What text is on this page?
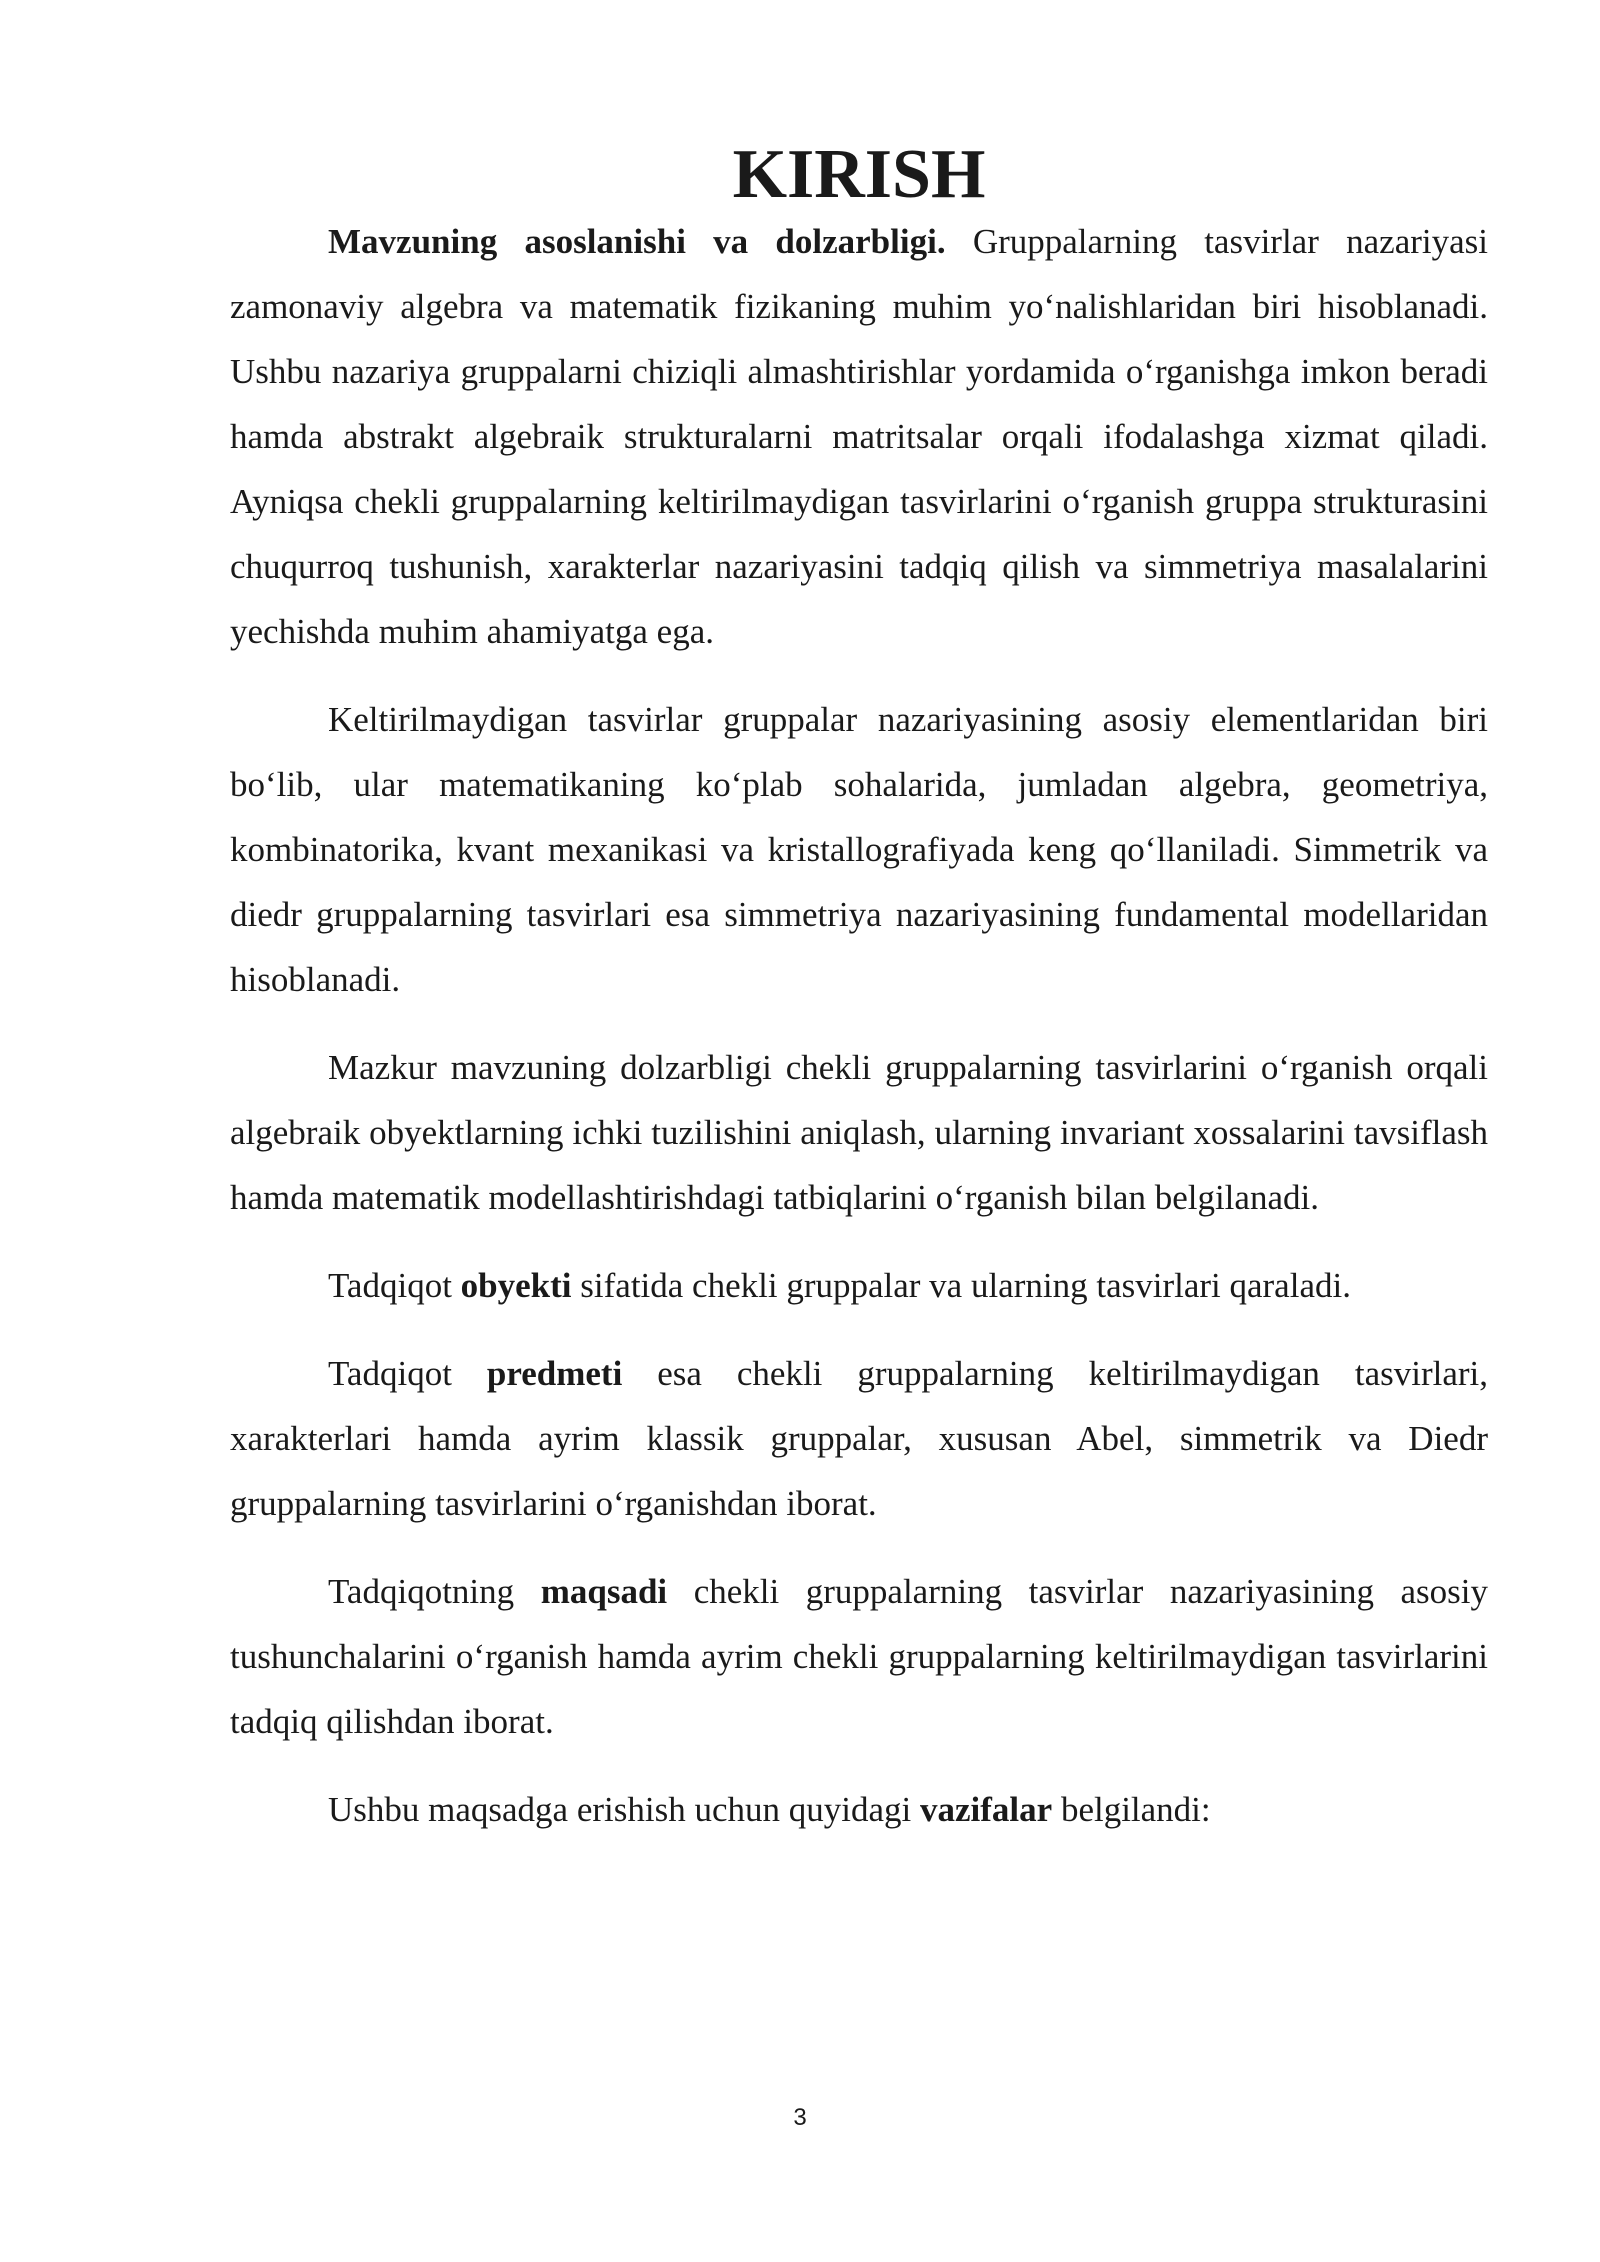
KIRISH

Mavzuning asoslanishi va dolzarbligi. Gruppalarning tasvirlar nazariyasi zamonaviy algebra va matematik fizikaning muhim yo‘nalishlaridan biri hisoblanadi. Ushbu nazariya gruppalarni chiziqli almashtirishlar yordamida o‘rganishga imkon beradi hamda abstrakt algebraik strukturalarni matritsalar orqali ifodalashga xizmat qiladi. Ayniqsa chekli gruppalarning keltirilmaydigan tasvirlarini o‘rganish gruppa strukturasini chuqurroq tushunish, xarakterlar nazariyasini tadqiq qilish va simmetriya masalalarini yechishda muhim ahamiyatga ega.

Keltirilmaydigan tasvirlar gruppalar nazariyasining asosiy elementlaridan biri bo‘lib, ular matematikaning ko‘plab sohalarida, jumladan algebra, geometriya, kombinatorika, kvant mexanikasi va kristallografiyada keng qo‘llaniladi. Simmetrik va diedr gruppalarning tasvirlari esa simmetriya nazariyasining fundamental modellaridan hisoblanadi.

Mazkur mavzuning dolzarbligi chekli gruppalarning tasvirlarini o‘rganish orqali algebraik obyektlarning ichki tuzilishini aniqlash, ularning invariant xossalarini tavsiflash hamda matematik modellashtirishdagi tatbiqlarini o‘rganish bilan belgilanadi.

Tadqiqot obyekti sifatida chekli gruppalar va ularning tasvirlari qaraladi.

Tadqiqot predmeti esa chekli gruppalarning keltirilmaydigan tasvirlari, xarakterlari hamda ayrim klassik gruppalar, xususan Abel, simmetrik va Diedr gruppalarning tasvirlarini o‘rganishdan iborat.

Tadqiqotning maqsadi chekli gruppalarning tasvirlar nazariyasining asosiy tushunchalarini o‘rganish hamda ayrim chekli gruppalarning keltirilmaydigan tasvirlarini tadqiq qilishdan iborat.

Ushbu maqsadga erishish uchun quyidagi vazifalar belgilandi:

3
